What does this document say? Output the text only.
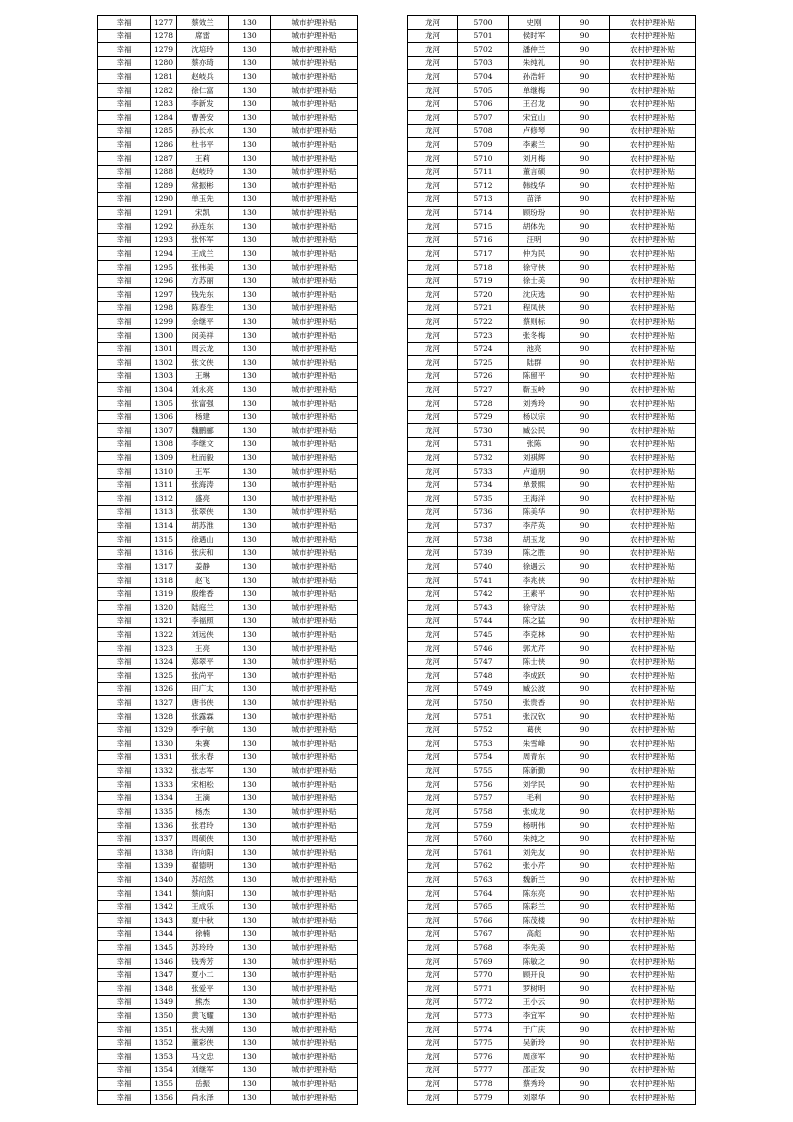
幸福	1277	蔡效兰	130	城市护理补贴
幸福	1278	席雷	130	城市护理补贴
幸福	1279	沈培玲	130	城市护理补贴
幸福	1280	蔡亦琦	130	城市护理补贴
幸福	1281	赵岐兵	130	城市护理补贴
幸福	1282	徐仁富	130	城市护理补贴
幸福	1283	李新发	130	城市护理补贴
幸福	1284	曹善安	130	城市护理补贴
幸福	1285	孙长水	130	城市护理补贴
幸福	1286	杜书平	130	城市护理补贴
幸福	1287	王莉	130	城市护理补贴
幸福	1288	赵岐玲	130	城市护理补贴
幸福	1289	常振彬	130	城市护理补贴
幸福	1290	单玉先	130	城市护理补贴
幸福	1291	宋凯	130	城市护理补贴
幸福	1292	孙连东	130	城市护理补贴
幸福	1293	张怀军	130	城市护理补贴
幸福	1294	王成兰	130	城市护理补贴
幸福	1295	张伟美	130	城市护理补贴
幸福	1296	方苏丽	130	城市护理补贴
幸福	1297	钱先东	130	城市护理补贴
幸福	1298	陈春生	130	城市护理补贴
幸福	1299	余继平	130	城市护理补贴
幸福	1300	闵美祥	130	城市护理补贴
幸福	1301	周云龙	130	城市护理补贴
幸福	1302	张文侠	130	城市护理补贴
幸福	1303	王琳	130	城市护理补贴
幸福	1304	刘永亮	130	城市护理补贴
幸福	1305	张富强	130	城市护理补贴
幸福	1306	杨建	130	城市护理补贴
幸福	1307	魏鹏郦	130	城市护理补贴
幸福	1308	李继文	130	城市护理补贴
幸福	1309	杜而毅	130	城市护理补贴
幸福	1310	王军	130	城市护理补贴
幸福	1311	张海涛	130	城市护理补贴
幸福	1312	盛亮	130	城市护理补贴
幸福	1313	张翠侠	130	城市护理补贴
幸福	1314	胡苏淮	130	城市护理补贴
幸福	1315	徐遇山	130	城市护理补贴
幸福	1316	张庆和	130	城市护理补贴
幸福	1317	姜静	130	城市护理补贴
幸福	1318	赵飞	130	城市护理补贴
幸福	1319	殷维香	130	城市护理补贴
幸福	1320	陆庭兰	130	城市护理补贴
幸福	1321	李福照	130	城市护理补贴
幸福	1322	刘远侠	130	城市护理补贴
幸福	1323	王亮	130	城市护理补贴
幸福	1324	郑翠平	130	城市护理补贴
幸福	1325	张尚平	130	城市护理补贴
幸福	1326	田广太	130	城市护理补贴
幸福	1327	唐书侠	130	城市护理补贴
幸福	1328	张露霖	130	城市护理补贴
幸福	1329	季宇航	130	城市护理补贴
幸福	1330	朱赛	130	城市护理补贴
幸福	1331	张永春	130	城市护理补贴
幸福	1332	张志军	130	城市护理补贴
幸福	1333	宋相松	130	城市护理补贴
幸福	1334	王滴	130	城市护理补贴
幸福	1335	杨杰	130	城市护理补贴
幸福	1336	张君玲	130	城市护理补贴
幸福	1337	周硕侠	130	城市护理补贴
幸福	1338	许向阳	130	城市护理补贴
幸福	1339	翟德明	130	城市护理补贴
幸福	1340	苏绍然	130	城市护理补贴
幸福	1341	蔡向阳	130	城市护理补贴
幸福	1342	王成乐	130	城市护理补贴
幸福	1343	夏中秋	130	城市护理补贴
幸福	1344	徐楠	130	城市护理补贴
幸福	1345	苏玲玲	130	城市护理补贴
幸福	1346	钱秀芳	130	城市护理补贴
幸福	1347	夏小二	130	城市护理补贴
幸福	1348	张爱平	130	城市护理补贴
幸福	1349	熊杰	130	城市护理补贴
幸福	1350	黄飞耀	130	城市护理补贴
幸福	1351	张夫刚	130	城市护理补贴
幸福	1352	董彩侠	130	城市护理补贴
幸福	1353	马文忠	130	城市护理补贴
幸福	1354	刘继军	130	城市护理补贴
幸福	1355	岳振	130	城市护理补贴
幸福	1356	尚永泽	130	城市护理补贴
龙河	5700	史刚	90	农村护理补贴
龙河	5701	侯时军	90	农村护理补贴
龙河	5702	潘仲兰	90	农村护理补贴
龙河	5703	朱纯礼	90	农村护理补贴
龙河	5704	孙浩轩	90	农村护理补贴
龙河	5705	单继梅	90	农村护理补贴
龙河	5706	王召龙	90	农村护理补贴
龙河	5707	宋宜山	90	农村护理补贴
龙河	5708	卢修琴	90	农村护理补贴
龙河	5709	李素兰	90	农村护理补贴
龙河	5710	刘月梅	90	农村护理补贴
龙河	5711	董言硕	90	农村护理补贴
龙河	5712	韩线华	90	农村护理补贴
龙河	5713	苗泽	90	农村护理补贴
龙河	5714	顾玢玢	90	农村护理补贴
龙河	5715	胡体先	90	农村护理补贴
龙河	5716	汪明	90	农村护理补贴
龙河	5717	仲为民	90	农村护理补贴
龙河	5718	徐守侠	90	农村护理补贴
龙河	5719	徐士美	90	农村护理补贴
龙河	5720	沈庆选	90	农村护理补贴
龙河	5721	程凤侠	90	农村护理补贴
龙河	5722	蔡则标	90	农村护理补贴
龙河	5723	张冬梅	90	农村护理补贴
龙河	5724	池亮	90	农村护理补贴
龙河	5725	陆群	90	农村护理补贴
龙河	5726	陈留平	90	农村护理补贴
龙河	5727	靳玉岭	90	农村护理补贴
龙河	5728	刘秀玲	90	农村护理补贴
龙河	5729	杨以宗	90	农村护理补贴
龙河	5730	臧公民	90	农村护理补贴
龙河	5731	张陈	90	农村护理补贴
龙河	5732	刘祺辉	90	农村护理补贴
龙河	5733	卢道朋	90	农村护理补贴
龙河	5734	单景熙	90	农村护理补贴
龙河	5735	王海洋	90	农村护理补贴
龙河	5736	陈美华	90	农村护理补贴
龙河	5737	李芹英	90	农村护理补贴
龙河	5738	胡玉龙	90	农村护理补贴
龙河	5739	陈之胜	90	农村护理补贴
龙河	5740	徐遇云	90	农村护理补贴
龙河	5741	李兆侠	90	农村护理补贴
龙河	5742	王素平	90	农村护理补贴
龙河	5743	徐守法	90	农村护理补贴
龙河	5744	陈之猛	90	农村护理补贴
龙河	5745	李克林	90	农村护理补贴
龙河	5746	郭尤芹	90	农村护理补贴
龙河	5747	陈士侠	90	农村护理补贴
龙河	5748	李成跃	90	农村护理补贴
龙河	5749	臧公波	90	农村护理补贴
龙河	5750	张贵香	90	农村护理补贴
龙河	5751	张汉钦	90	农村护理补贴
龙河	5752	葛侠	90	农村护理补贴
龙河	5753	朱雪峰	90	农村护理补贴
龙河	5754	周青东	90	农村护理补贴
龙河	5755	陈新勤	90	农村护理补贴
龙河	5756	刘学民	90	农村护理补贴
龙河	5757	毛利	90	农村护理补贴
龙河	5758	张成龙	90	农村护理补贴
龙河	5759	杨明伟	90	农村护理补贴
龙河	5760	朱纯之	90	农村护理补贴
龙河	5761	刘先友	90	农村护理补贴
龙河	5762	张小芹	90	农村护理补贴
龙河	5763	魏新兰	90	农村护理补贴
龙河	5764	陈东亮	90	农村护理补贴
龙河	5765	陈彩兰	90	农村护理补贴
龙河	5766	陈茂楼	90	农村护理补贴
龙河	5767	高彪	90	农村护理补贴
龙河	5768	李先美	90	农村护理补贴
龙河	5769	陈敏之	90	农村护理补贴
龙河	5770	顾开良	90	农村护理补贴
龙河	5771	罗树明	90	农村护理补贴
龙河	5772	王小云	90	农村护理补贴
龙河	5773	李宜军	90	农村护理补贴
龙河	5774	于广庆	90	农村护理补贴
龙河	5775	吴新玲	90	农村护理补贴
龙河	5776	周彦军	90	农村护理补贴
龙河	5777	邵正发	90	农村护理补贴
龙河	5778	蔡秀玲	90	农村护理补贴
龙河	5779	刘翠华	90	农村护理补贴
